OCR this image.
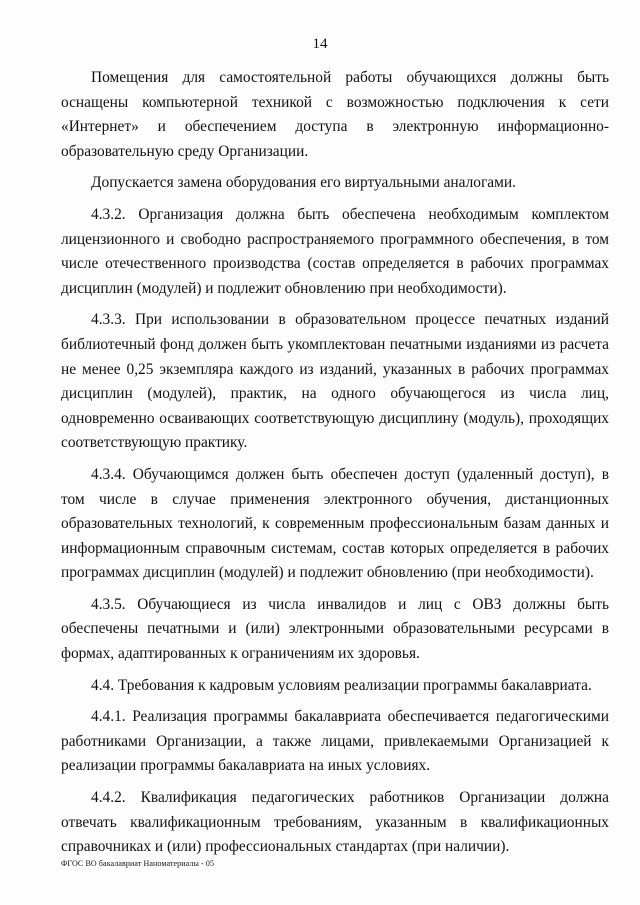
14

Помещения для самостоятельной работы обучающихся должны быть оснащены компьютерной техникой с возможностью подключения к сети «Интернет» и обеспечением доступа в электронную информационно-образовательную среду Организации.

Допускается замена оборудования его виртуальными аналогами.

4.3.2. Организация должна быть обеспечена необходимым комплектом лицензионного и свободно распространяемого программного обеспечения, в том числе отечественного производства (состав определяется в рабочих программах дисциплин (модулей) и подлежит обновлению при необходимости).

4.3.3. При использовании в образовательном процессе печатных изданий библиотечный фонд должен быть укомплектован печатными изданиями из расчета не менее 0,25 экземпляра каждого из изданий, указанных в рабочих программах дисциплин (модулей), практик, на одного обучающегося из числа лиц, одновременно осваивающих соответствующую дисциплину (модуль), проходящих соответствующую практику.

4.3.4. Обучающимся должен быть обеспечен доступ (удаленный доступ), в том числе в случае применения электронного обучения, дистанционных образовательных технологий, к современным профессиональным базам данных и информационным справочным системам, состав которых определяется в рабочих программах дисциплин (модулей) и подлежит обновлению (при необходимости).

4.3.5. Обучающиеся из числа инвалидов и лиц с ОВЗ должны быть обеспечены печатными и (или) электронными образовательными ресурсами в формах, адаптированных к ограничениям их здоровья.

4.4. Требования к кадровым условиям реализации программы бакалавриата.

4.4.1. Реализация программы бакалавриата обеспечивается педагогическими работниками Организации, а также лицами, привлекаемыми Организацией к реализации программы бакалавриата на иных условиях.

4.4.2. Квалификация педагогических работников Организации должна отвечать квалификационным требованиям, указанным в квалификационных справочниках и (или) профессиональных стандартах (при наличии).

ФГОС ВО бакалавриат Наноматериалы - 05
